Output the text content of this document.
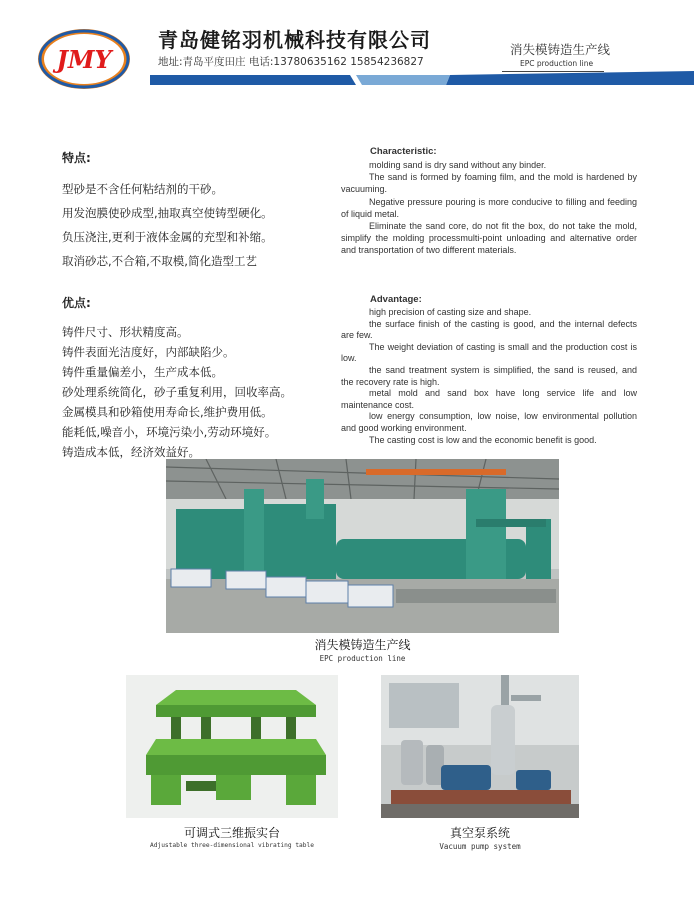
JMY
青岛健铭羽机械科技有限公司
地址:青岛平度田庄 电话:13780635162 15854236827
消失模铸造生产线
EPC production line
特点:
型砂是不含任何粘结剂的干砂。
用发泡膜使砂成型,抽取真空使铸型硬化。
负压浇注,更利于液体金属的充型和补缩。
取消砂芯,不合箱,不取模,简化造型工艺
Characteristic:

molding sand is dry sand without any binder.

The sand is formed by foaming film, and the mold is hardened by vacuuming.

Negative pressure pouring is more conducive to filling and feeding of liquid metal.

Eliminate the sand core, do not fit the box, do not take the mold, simplify the molding processmulti-point unloading and alternative order and transportation of two different materials.

优点:
铸件尺寸、形状精度高。
铸件表面光洁度好，内部缺陷少。
铸件重量偏差小，生产成本低。
砂处理系统简化，砂子重复利用，回收率高。
金属模具和砂箱使用寿命长,维护费用低。
能耗低,噪音小，环境污染小,劳动环境好。
铸造成本低，经济效益好。
Advantage:

high precision of casting size and shape.

the surface finish of the casting is good, and the internal defects are few.

The weight deviation of casting is small and the production cost is low.

the sand treatment system is simplified, the sand is reused, and the recovery rate is high.

metal mold and sand box have long service life and low maintenance cost.

low energy consumption, low noise, low environmental pollution and good working environment.

The casting cost is low and the economic benefit is good.

消失模铸造生产线
EPC production line
可调式三维振实台
Adjustable three-dimensional vibrating table
真空泵系统
Vacuum pump system
